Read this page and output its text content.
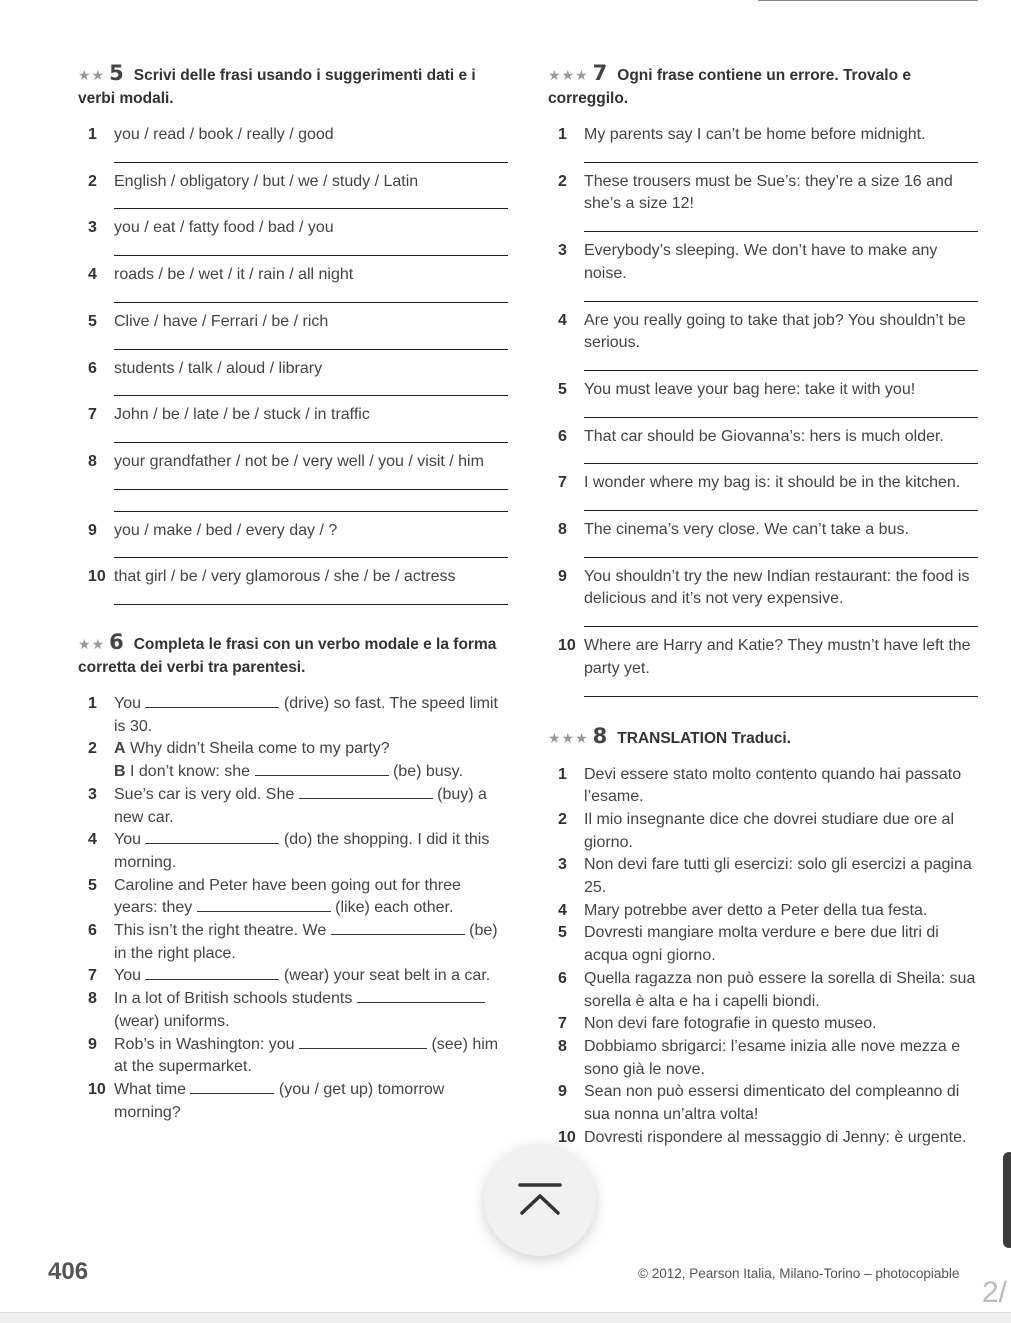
★★ 5 Scrivi delle frasi usando i suggerimenti dati e i verbi modali.

1	you / read / book / really / good
2	English / obligatory / but / we / study / Latin
3	you / eat / fatty food / bad / you
4	roads / be / wet / it / rain / all night
5	Clive / have / Ferrari / be / rich
6	students / talk / aloud / library
7	John / be / late / be / stuck / in traffic
8	your grandfather / not be / very well / you / visit / him
9	you / make / bed / every day / ?
10 that girl / be / very glamorous / she / be / actress

★★ 6 Completa le frasi con un verbo modale e la forma corretta dei verbi tra parentesi.

1	You	(drive) so fast. The speed limit is 30.
2	A Why didn’t Sheila come to my party?
B I don’t know: she	(be) busy.
3	Sue’s car is very old. She	(buy) a new car.
4	You	(do) the shopping. I did it this morning.
5	Caroline and Peter have been going out for three years: they	(like) each other.
6	This isn’t the right theatre. We	(be) in the right place.
7	You	(wear) your seat belt in a car.
8	In a lot of British schools students  (wear) uniforms.
9	Rob’s in Washington: you	(see) him at the supermarket.
10 What time	(you / get up) tomorrow morning?

★★★ 7 Ogni frase contiene un errore. Trovalo e correggilo.

1	My parents say I can’t be home before midnight.
2	These trousers must be Sue’s: they’re a size 16 and she’s a size 12!
3	Everybody’s sleeping. We don’t have to make any noise.
4	Are you really going to take that job? You shouldn’t be serious.
5	You must leave your bag here: take it with you!
6	That car should be Giovanna’s: hers is much older.
7	I wonder where my bag is: it should be in the kitchen.
8	The cinema’s very close. We can’t take a bus.
9	You shouldn’t try the new Indian restaurant: the food is delicious and it’s not very expensive.
10 Where are Harry and Katie? They mustn’t have left the party yet.

★★★ 8 TRANSLATION Traduci.

1	Devi essere stato molto contento quando hai passato l’esame.
2	Il mio insegnante dice che dovrei studiare due ore al giorno.
3	Non devi fare tutti gli esercizi: solo gli esercizi a pagina 25.
4	Mary potrebbe aver detto a Peter della tua festa.
5	Dovresti mangiare molta verdure e bere due litri di acqua ogni giorno.
6	Quella ragazza non può essere la sorella di Sheila: sua sorella è alta e ha i capelli biondi.
7	Non devi fare fotografie in questo museo.
8	Dobbiamo sbrigarci: l’esame inizia alle nove mezza e sono già le nove.
9	Sean non può essersi dimenticato del compleanno di sua nonna un’altra volta!
10 Dovresti rispondere al messaggio di Jenny: è urgente.
406	© 2012, Pearson Italia, Milano-Torino – photocopiable
2/
